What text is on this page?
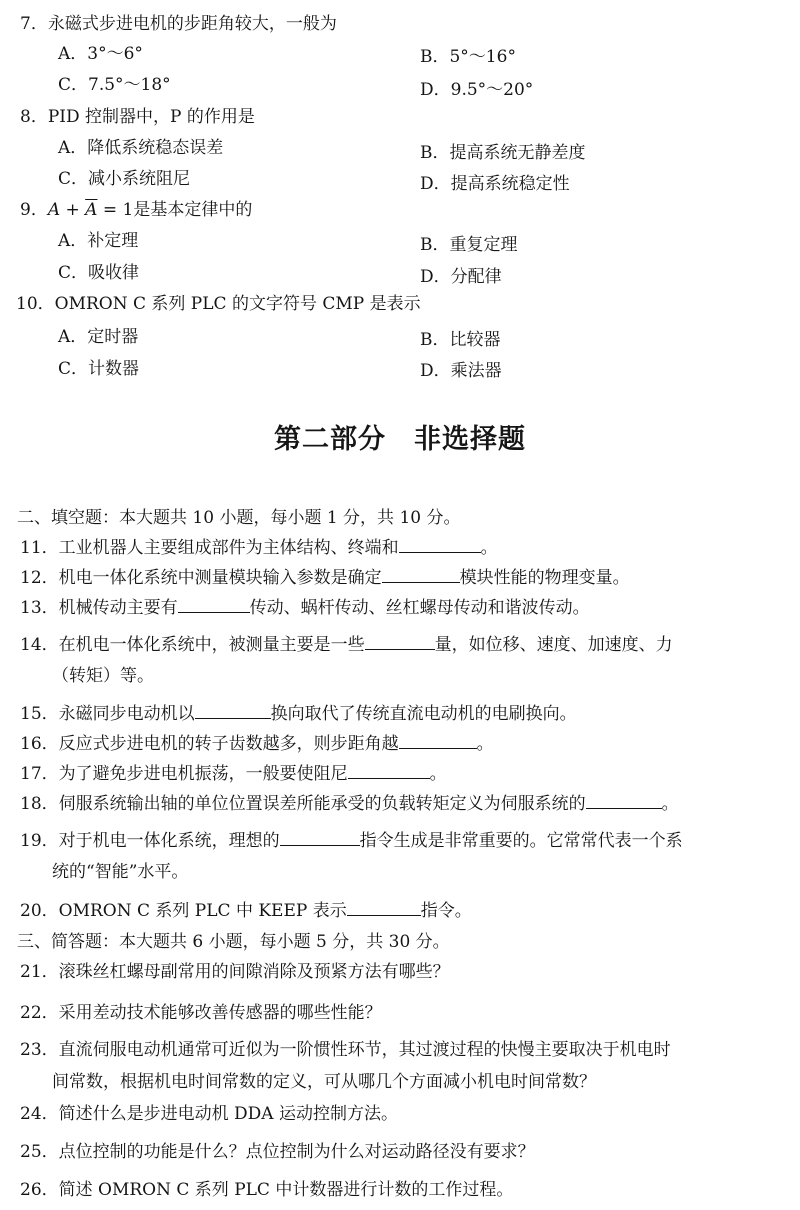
7．永磁式步进电机的步距角较大，一般为
A．3°～6°	B．5°～16°
C．7.5°～18°	D．9.5°～20°
8．PID 控制器中，P 的作用是
A．降低系统稳态误差	B．提高系统无静差度
C．减小系统阻尼	D．提高系统稳定性
9．$A + \overline{A} = 1$是基本定律中的
A．补定理	B．重复定理
C．吸收律	D．分配律
10．OMRON C 系列 PLC 的文字符号 CMP 是表示
A．定时器	B．比较器
C．计数器	D．乘法器
第二部分　非选择题
二、填空题：本大题共 10 小题，每小题 1 分，共 10 分。
11．工业机器人主要组成部件为主体结构、终端和	。
12．机电一体化系统中测量模块输入参数是确定	模块性能的物理变量。
13．机械传动主要有	传动、蜗杆传动、丝杠螺母传动和谐波传动。
14．在机电一体化系统中，被测量主要是一些	量，如位移、速度、加速度、力
（转矩）等。
15．永磁同步电动机以	换向取代了传统直流电动机的电刷换向。
16．反应式步进电机的转子齿数越多，则步距角越	。
17．为了避免步进电机振荡，一般要使阻尼	。
18．伺服系统输出轴的单位位置误差所能承受的负载转矩定义为伺服系统的	。
19．对于机电一体化系统，理想的	指令生成是非常重要的。它常常代表一个系
统的“智能”水平。
20．OMRON C 系列 PLC 中 KEEP 表示	指令。
三、简答题：本大题共 6 小题，每小题 5 分，共 30 分。
21．滚珠丝杠螺母副常用的间隙消除及预紧方法有哪些？
22．采用差动技术能够改善传感器的哪些性能？
23．直流伺服电动机通常可近似为一阶惯性环节，其过渡过程的快慢主要取决于机电时
间常数，根据机电时间常数的定义，可从哪几个方面减小机电时间常数？
24．简述什么是步进电动机 DDA 运动控制方法。
25．点位控制的功能是什么？点位控制为什么对运动路径没有要求？
26．简述 OMRON C 系列 PLC 中计数器进行计数的工作过程。
